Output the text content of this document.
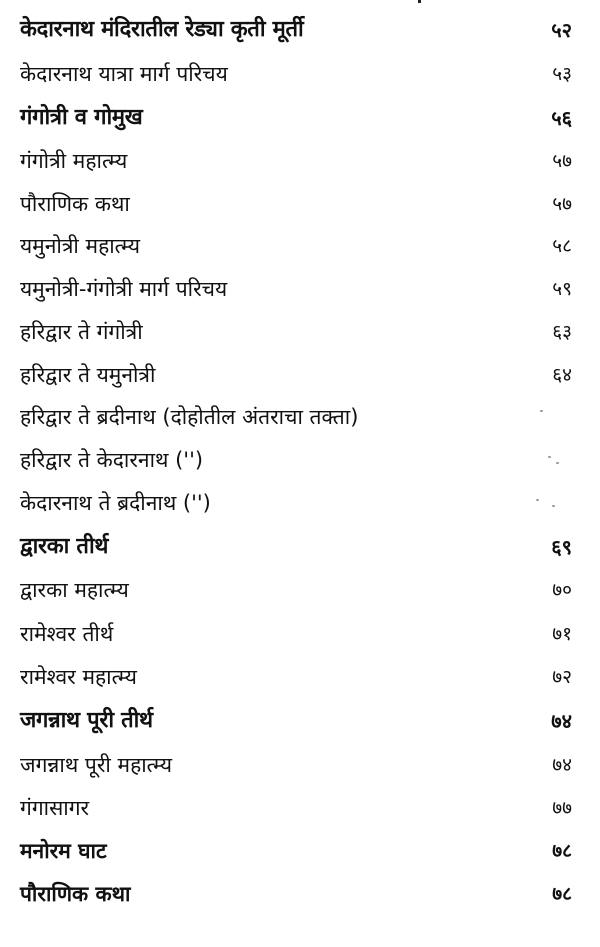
केदारनाथ मंदिरातील रेड्या कृती मूर्ती	५२
केदारनाथ यात्रा मार्ग परिचय	५३
गंगोत्री व गोमुख	५६
गंगोत्री महात्म्य	५७
पौराणिक कथा	५७
यमुनोत्री महात्म्य	५८
यमुनोत्री-गंगोत्री मार्ग परिचय	५९
हरिद्वार ते गंगोत्री	६३
हरिद्वार ते यमुनोत्री	६४
हरिद्वार ते ब्रदीनाथ (दोहोतील अंतराचा तक्ता)
हरिद्वार ते केदारनाथ ('')
केदारनाथ ते ब्रदीनाथ ('')
द्वारका तीर्थ	६९
द्वारका महात्म्य	७०
रामेश्वर तीर्थ	७१
रामेश्वर महात्म्य	७२
जगन्नाथ पूरी तीर्थ	७४
जगन्नाथ पूरी महात्म्य	७४
गंगासागर	७७
मनोरम घाट	७८
पौराणिक कथा	७८
